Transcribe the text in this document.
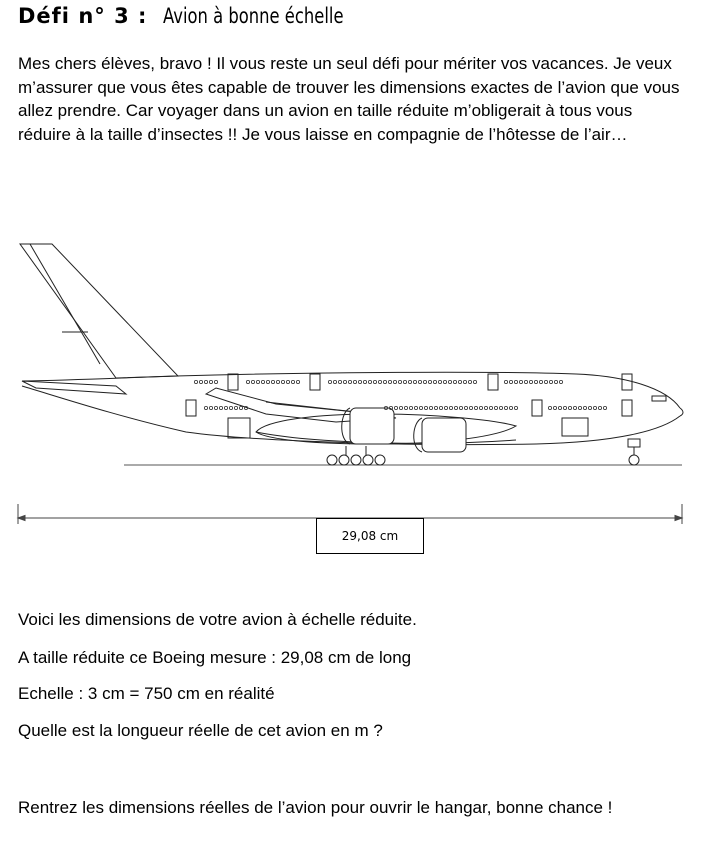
Défi n° 3 : Avion à bonne échelle

Mes chers élèves, bravo ! Il vous reste un seul défi pour mériter vos vacances. Je veux m’assurer que vous êtes capable de trouver les dimensions exactes de l’avion que vous allez prendre. Car voyager dans un avion en taille réduite m’obligerait à tous vous réduire à la taille d’insectes !! Je vous laisse en compagnie de l’hôtesse de l’air…

29,08 cm

Voici les dimensions de votre avion à échelle réduite.

A taille réduite ce Boeing mesure : 29,08 cm de long

Echelle : 3 cm = 750 cm en réalité

Quelle est la longueur réelle de cet avion en m ?

Rentrez les dimensions réelles de l’avion pour ouvrir le hangar, bonne chance !
